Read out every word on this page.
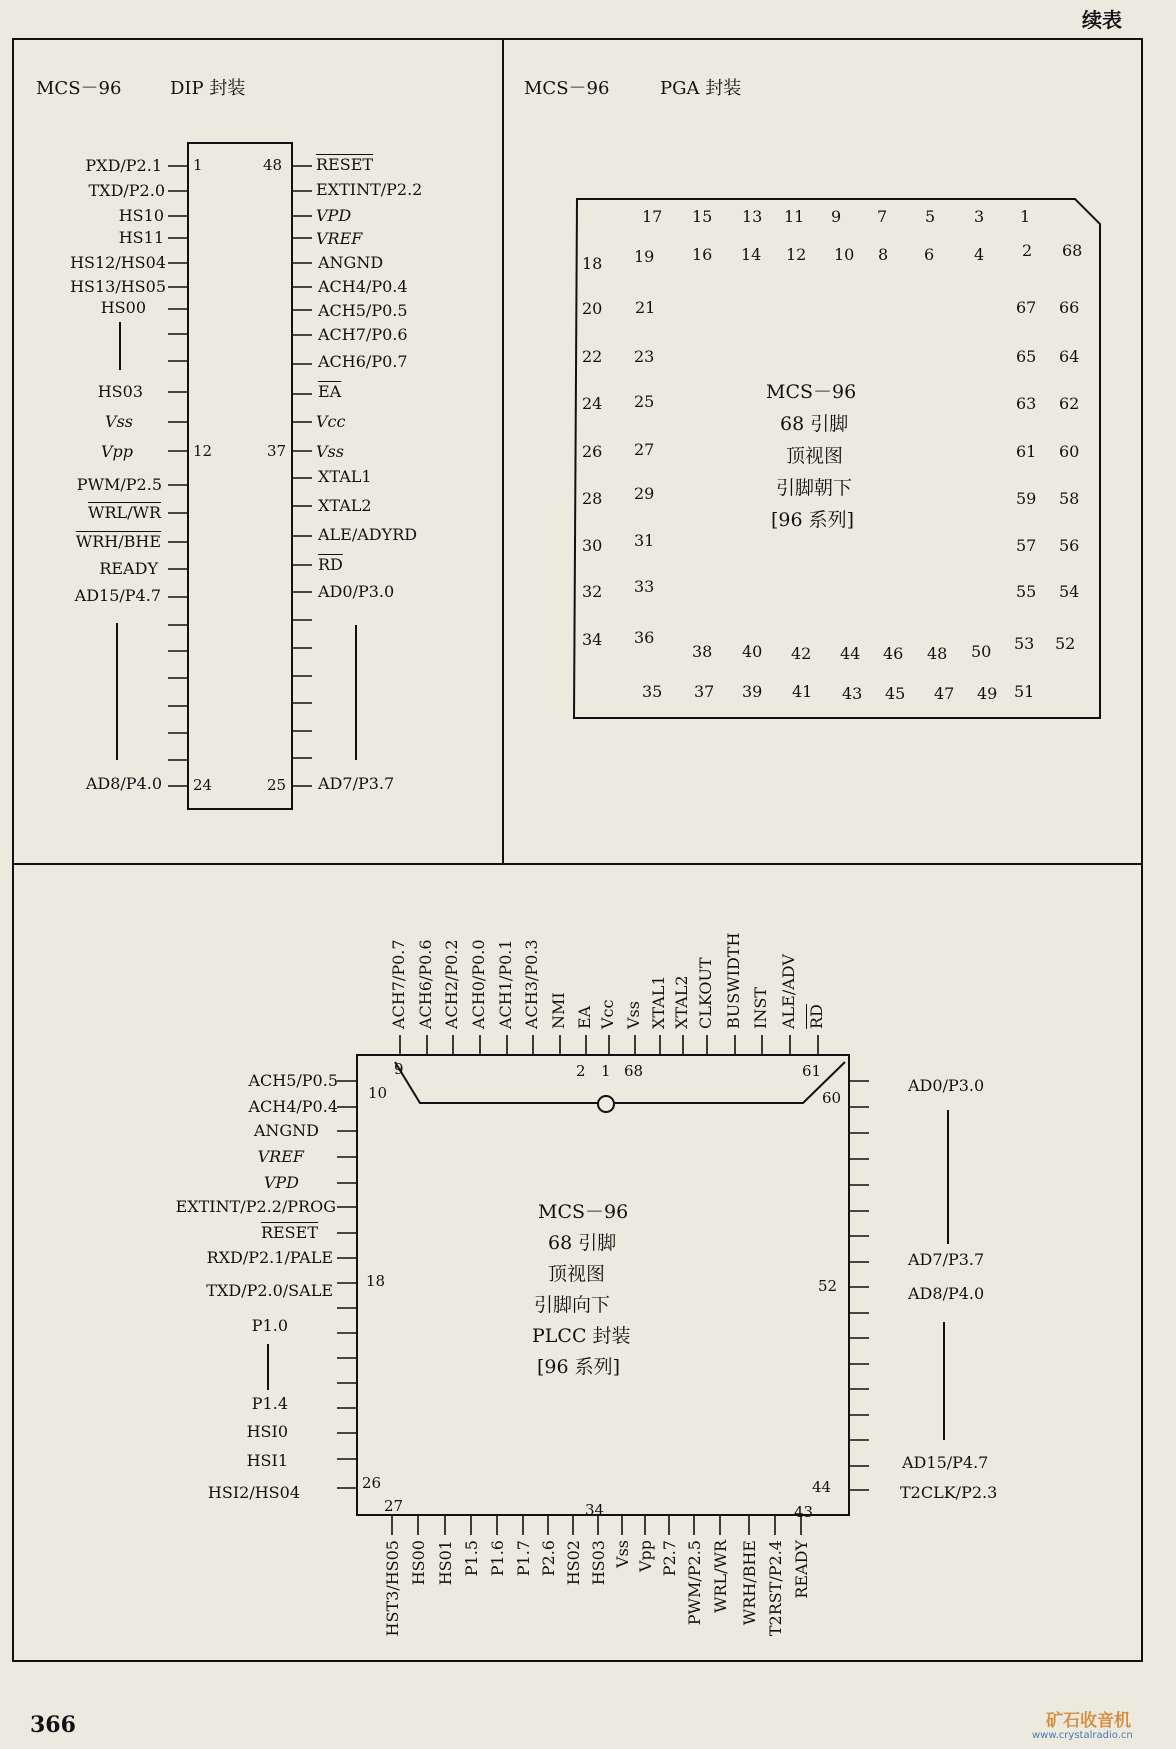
续表
366	矿石收音机
www.crystalradio.cn
MCS－96	DIP 封装
PXD/P2.1
TXD/P2.0
HS10
HS11
HS12/HS04
HS13/HS05
HS00
HS03
Vss
Vpp
PWM/P2.5
WRL/WR
WRH/BHE
READY
AD15/P4.7
AD8/P4.0
RESET
EXTINT/P2.2
VPD
VREF
ANGND
ACH4/P0.4
ACH5/P0.5
ACH7/P0.6
ACH6/P0.7
$\overline{EA}$
Vcc
Vss
XTAL1
XTAL2
ALE/ADYRD
$\overline{RD}$
AD0/P3.0
AD7/P3.7
1	48
12	37
24	25
MCS－96	PGA 封装
17 15 13 11 9 7 5 3 1
18 19 16 14 12 10 8 6 4 2 68
20 21	67 66
22 23	65 64
24 25	63 62
26 27	61 60
28 29	59 58
30 31	57 56
32 33	55 54
34 36
38 40 42 44 46 48 50 53 52
35 37 39 41 43 45 47 49 51
MCS－96
68 引脚
顶视图
引脚朝下
[96 系列]
ACH7/P0.7 ACH6/P0.6 ACH2/P0.2 ACH0/P0.0 ACH1/P0.1 ACH3/P0.3 NMI EA Vcc Vss XTAL1 XTAL2 CLKOUT BUSWIDTH INST ALE/ADV $\overline{RD}$
HST3/HS05 HS00 HS01 P1.5 P1.6 P1.7 P2.6 HS02 HS03 Vss Vpp P2.7 PWM/P2.5 WRL/WR WRH/BHE T2RST/P2.4 READY
ACH5/P0.5
ACH4/P0.4
ANGND
VREF
VPD
EXTINT/P2.2/PROG
RESET
RXD/P2.1/PALE
TXD/P2.0/SALE
P1.0
P1.4
HSI0
HSI1
HSI2/HS04
AD0/P3.0
AD7/P3.7
AD8/P4.0
AD15/P4.7
T2CLK/P2.3
9
10
2 1 68	61
60
18	52
26
27	34
44
43
MCS－96
68 引脚
顶视图
引脚向下
PLCC 封装
[96 系列]
